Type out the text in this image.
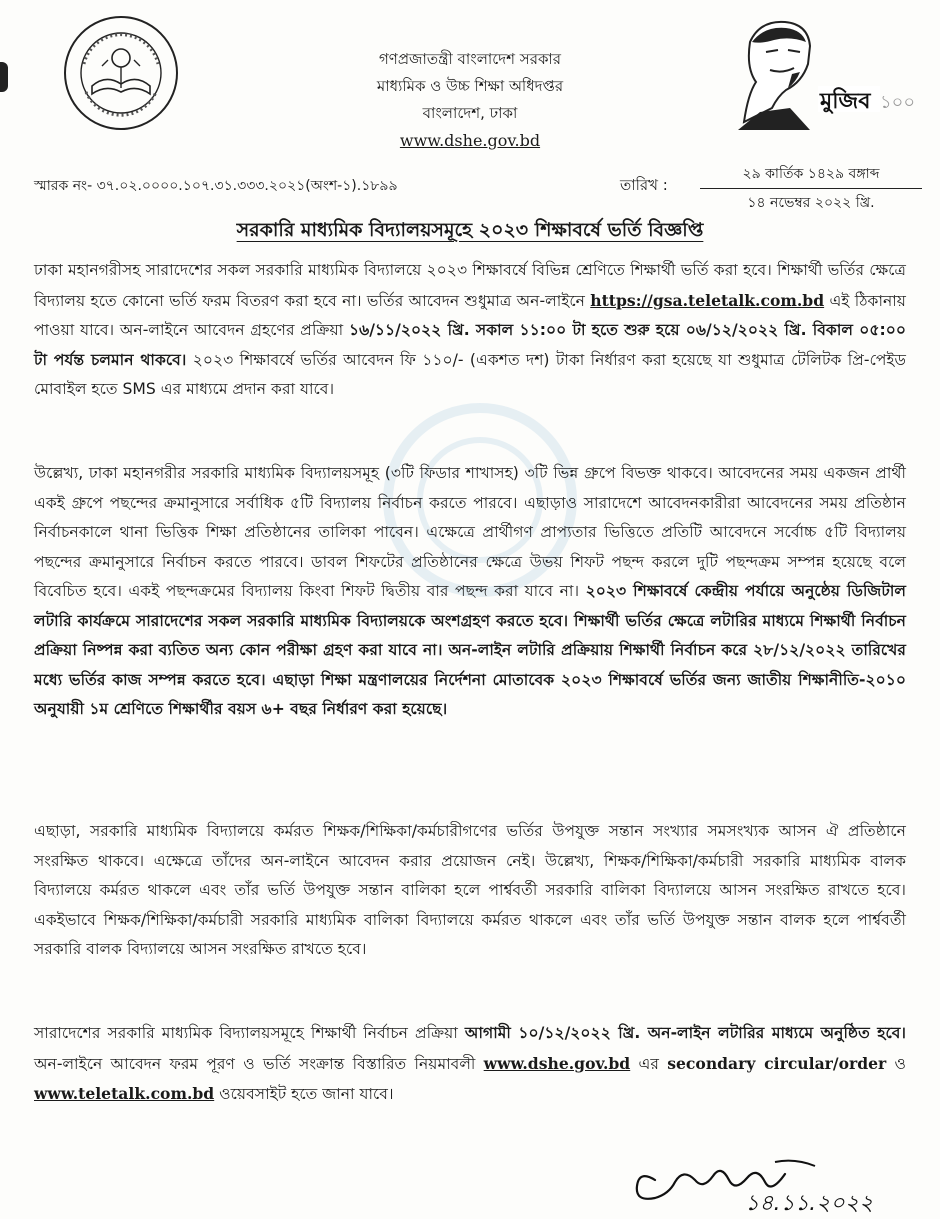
গণপ্রজাতন্ত্রী বাংলাদেশ সরকার
মাধ্যমিক ও উচ্চ শিক্ষা অধিদপ্তর
বাংলাদেশ, ঢাকা
www.dshe.gov.bd
মুজিব ১০০
স্মারক নং- ৩৭.০২.০০০০.১০৭.৩১.৩৩৩.২০২১(অংশ-১).১৮৯৯	তারিখ :
২৯ কার্তিক ১৪২৯ বঙ্গাব্দ
১৪ নভেম্বর ২০২২ খ্রি.
সরকারি মাধ্যমিক বিদ্যালয়সমূহে ২০২৩ শিক্ষাবর্ষে ভর্তি বিজ্ঞপ্তি

ঢাকা মহানগরীসহ সারাদেশের সকল সরকারি মাধ্যমিক বিদ্যালয়ে ২০২৩ শিক্ষাবর্ষে বিভিন্ন শ্রেণিতে শিক্ষার্থী ভর্তি করা হবে। শিক্ষার্থী ভর্তির ক্ষেত্রে বিদ্যালয় হতে কোনো ভর্তি ফরম বিতরণ করা হবে না। ভর্তির আবেদন শুধুমাত্র অন-লাইনে https://gsa.teletalk.com.bd এই ঠিকানায় পাওয়া যাবে। অন-লাইনে আবেদন গ্রহণের প্রক্রিয়া ১৬/১১/২০২২ খ্রি. সকাল ১১:০০ টা হতে শুরু হয়ে ০৬/১২/২০২২ খ্রি. বিকাল ০৫:০০ টা পর্যন্ত চলমান থাকবে। ২০২৩ শিক্ষাবর্ষে ভর্তির আবেদন ফি ১১০/- (একশত দশ) টাকা নির্ধারণ করা হয়েছে যা শুধুমাত্র টেলিটক প্রি-পেইড মোবাইল হতে SMS এর মাধ্যমে প্রদান করা যাবে।

উল্লেখ্য, ঢাকা মহানগরীর সরকারি মাধ্যমিক বিদ্যালয়সমূহ (৩টি ফিডার শাখাসহ) ৩টি ভিন্ন গ্রুপে বিভক্ত থাকবে। আবেদনের সময় একজন প্রার্থী একই গ্রুপে পছন্দের ক্রমানুসারে সর্বাধিক ৫টি বিদ্যালয় নির্বাচন করতে পারবে। এছাড়াও সারাদেশে আবেদনকারীরা আবেদনের সময় প্রতিষ্ঠান নির্বাচনকালে থানা ভিত্তিক শিক্ষা প্রতিষ্ঠানের তালিকা পাবেন। এক্ষেত্রে প্রার্থীগণ প্রাপ্যতার ভিত্তিতে প্রতিটি আবেদনে সর্বোচ্চ ৫টি বিদ্যালয় পছন্দের ক্রমানুসারে নির্বাচন করতে পারবে। ডাবল শিফটের প্রতিষ্ঠানের ক্ষেত্রে উভয় শিফট পছন্দ করলে দুটি পছন্দক্রম সম্পন্ন হয়েছে বলে বিবেচিত হবে। একই পছন্দক্রমের বিদ্যালয় কিংবা শিফট দ্বিতীয় বার পছন্দ করা যাবে না। ২০২৩ শিক্ষাবর্ষে কেন্দ্রীয় পর্যায়ে অনুষ্ঠেয় ডিজিটাল লটারি কার্যক্রমে সারাদেশের সকল সরকারি মাধ্যমিক বিদ্যালয়কে অংশগ্রহণ করতে হবে। শিক্ষার্থী ভর্তির ক্ষেত্রে লটারির মাধ্যমে শিক্ষার্থী নির্বাচন প্রক্রিয়া নিষ্পন্ন করা ব্যতিত অন্য কোন পরীক্ষা গ্রহণ করা যাবে না। অন-লাইন লটারি প্রক্রিয়ায় শিক্ষার্থী নির্বাচন করে ২৮/১২/২০২২ তারিখের মধ্যে ভর্তির কাজ সম্পন্ন করতে হবে। এছাড়া শিক্ষা মন্ত্রণালয়ের নির্দেশনা মোতাবেক ২০২৩ শিক্ষাবর্ষে ভর্তির জন্য জাতীয় শিক্ষানীতি-২০১০ অনুযায়ী ১ম শ্রেণিতে শিক্ষার্থীর বয়স ৬+ বছর নির্ধারণ করা হয়েছে।

এছাড়া, সরকারি মাধ্যমিক বিদ্যালয়ে কর্মরত শিক্ষক/শিক্ষিকা/কর্মচারীগণের ভর্তির উপযুক্ত সন্তান সংখ্যার সমসংখ্যক আসন ঐ প্রতিষ্ঠানে সংরক্ষিত থাকবে। এক্ষেত্রে তাঁদের অন-লাইনে আবেদন করার প্রয়োজন নেই। উল্লেখ্য, শিক্ষক/শিক্ষিকা/কর্মচারী সরকারি মাধ্যমিক বালক বিদ্যালয়ে কর্মরত থাকলে এবং তাঁর ভর্তি উপযুক্ত সন্তান বালিকা হলে পার্শ্ববর্তী সরকারি বালিকা বিদ্যালয়ে আসন সংরক্ষিত রাখতে হবে। একইভাবে শিক্ষক/শিক্ষিকা/কর্মচারী সরকারি মাধ্যমিক বালিকা বিদ্যালয়ে কর্মরত থাকলে এবং তাঁর ভর্তি উপযুক্ত সন্তান বালক হলে পার্শ্ববর্তী সরকারি বালক বিদ্যালয়ে আসন সংরক্ষিত রাখতে হবে।

সারাদেশের সরকারি মাধ্যমিক বিদ্যালয়সমূহে শিক্ষার্থী নির্বাচন প্রক্রিয়া আগামী ১০/১২/২০২২ খ্রি. অন-লাইন লটারির মাধ্যমে অনুষ্ঠিত হবে। অন-লাইনে আবেদন ফরম পূরণ ও ভর্তি সংক্রান্ত বিস্তারিত নিয়মাবলী www.dshe.gov.bd এর secondary circular/order ও www.teletalk.com.bd ওয়েবসাইট হতে জানা যাবে।

১৪.১১.২০২২
